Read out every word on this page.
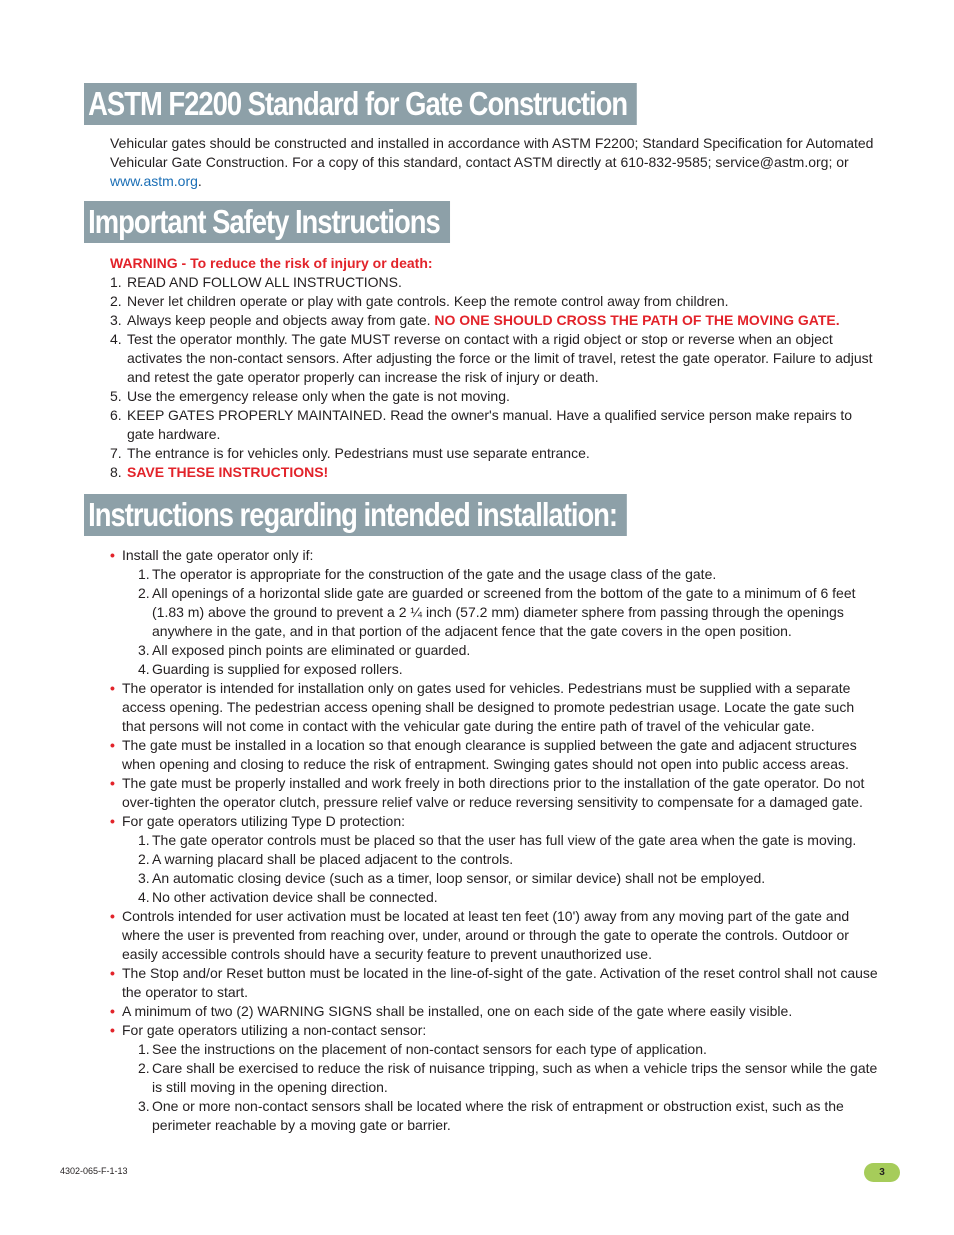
ASTM F2200 Standard for Gate Construction
Vehicular gates should be constructed and installed in accordance with ASTM F2200; Standard Specification for Automated Vehicular Gate Construction. For a copy of this standard, contact ASTM directly at 610-832-9585; service@astm.org; or www.astm.org.
Important Safety Instructions
WARNING - To reduce the risk of injury or death:
1. READ AND FOLLOW ALL INSTRUCTIONS.
2. Never let children operate or play with gate controls. Keep the remote control away from children.
3. Always keep people and objects away from gate. NO ONE SHOULD CROSS THE PATH OF THE MOVING GATE.
4. Test the operator monthly. The gate MUST reverse on contact with a rigid object or stop or reverse when an object activates the non-contact sensors. After adjusting the force or the limit of travel, retest the gate operator. Failure to adjust and retest the gate operator properly can increase the risk of injury or death.
5. Use the emergency release only when the gate is not moving.
6. KEEP GATES PROPERLY MAINTAINED. Read the owner's manual. Have a qualified service person make repairs to gate hardware.
7. The entrance is for vehicles only. Pedestrians must use separate entrance.
8. SAVE THESE INSTRUCTIONS!
Instructions regarding intended installation:
• Install the gate operator only if:
1. The operator is appropriate for the construction of the gate and the usage class of the gate.
2. All openings of a horizontal slide gate are guarded or screened from the bottom of the gate to a minimum of 6 feet (1.83 m) above the ground to prevent a 2 ¼ inch (57.2 mm) diameter sphere from passing through the openings anywhere in the gate, and in that portion of the adjacent fence that the gate covers in the open position.
3. All exposed pinch points are eliminated or guarded.
4. Guarding is supplied for exposed rollers.
• The operator is intended for installation only on gates used for vehicles. Pedestrians must be supplied with a separate access opening. The pedestrian access opening shall be designed to promote pedestrian usage. Locate the gate such that persons will not come in contact with the vehicular gate during the entire path of travel of the vehicular gate.
• The gate must be installed in a location so that enough clearance is supplied between the gate and adjacent structures when opening and closing to reduce the risk of entrapment. Swinging gates should not open into public access areas.
• The gate must be properly installed and work freely in both directions prior to the installation of the gate operator. Do not over-tighten the operator clutch, pressure relief valve or reduce reversing sensitivity to compensate for a damaged gate.
• For gate operators utilizing Type D protection:
1. The gate operator controls must be placed so that the user has full view of the gate area when the gate is moving.
2. A warning placard shall be placed adjacent to the controls.
3. An automatic closing device (such as a timer, loop sensor, or similar device) shall not be employed.
4. No other activation device shall be connected.
• Controls intended for user activation must be located at least ten feet (10') away from any moving part of the gate and where the user is prevented from reaching over, under, around or through the gate to operate the controls. Outdoor or easily accessible controls should have a security feature to prevent unauthorized use.
• The Stop and/or Reset button must be located in the line-of-sight of the gate. Activation of the reset control shall not cause the operator to start.
• A minimum of two (2) WARNING SIGNS shall be installed, one on each side of the gate where easily visible.
• For gate operators utilizing a non-contact sensor:
1. See the instructions on the placement of non-contact sensors for each type of application.
2. Care shall be exercised to reduce the risk of nuisance tripping, such as when a vehicle trips the sensor while the gate is still moving in the opening direction.
3. One or more non-contact sensors shall be located where the risk of entrapment or obstruction exist, such as the perimeter reachable by a moving gate or barrier.
4302-065-F-1-13	3
